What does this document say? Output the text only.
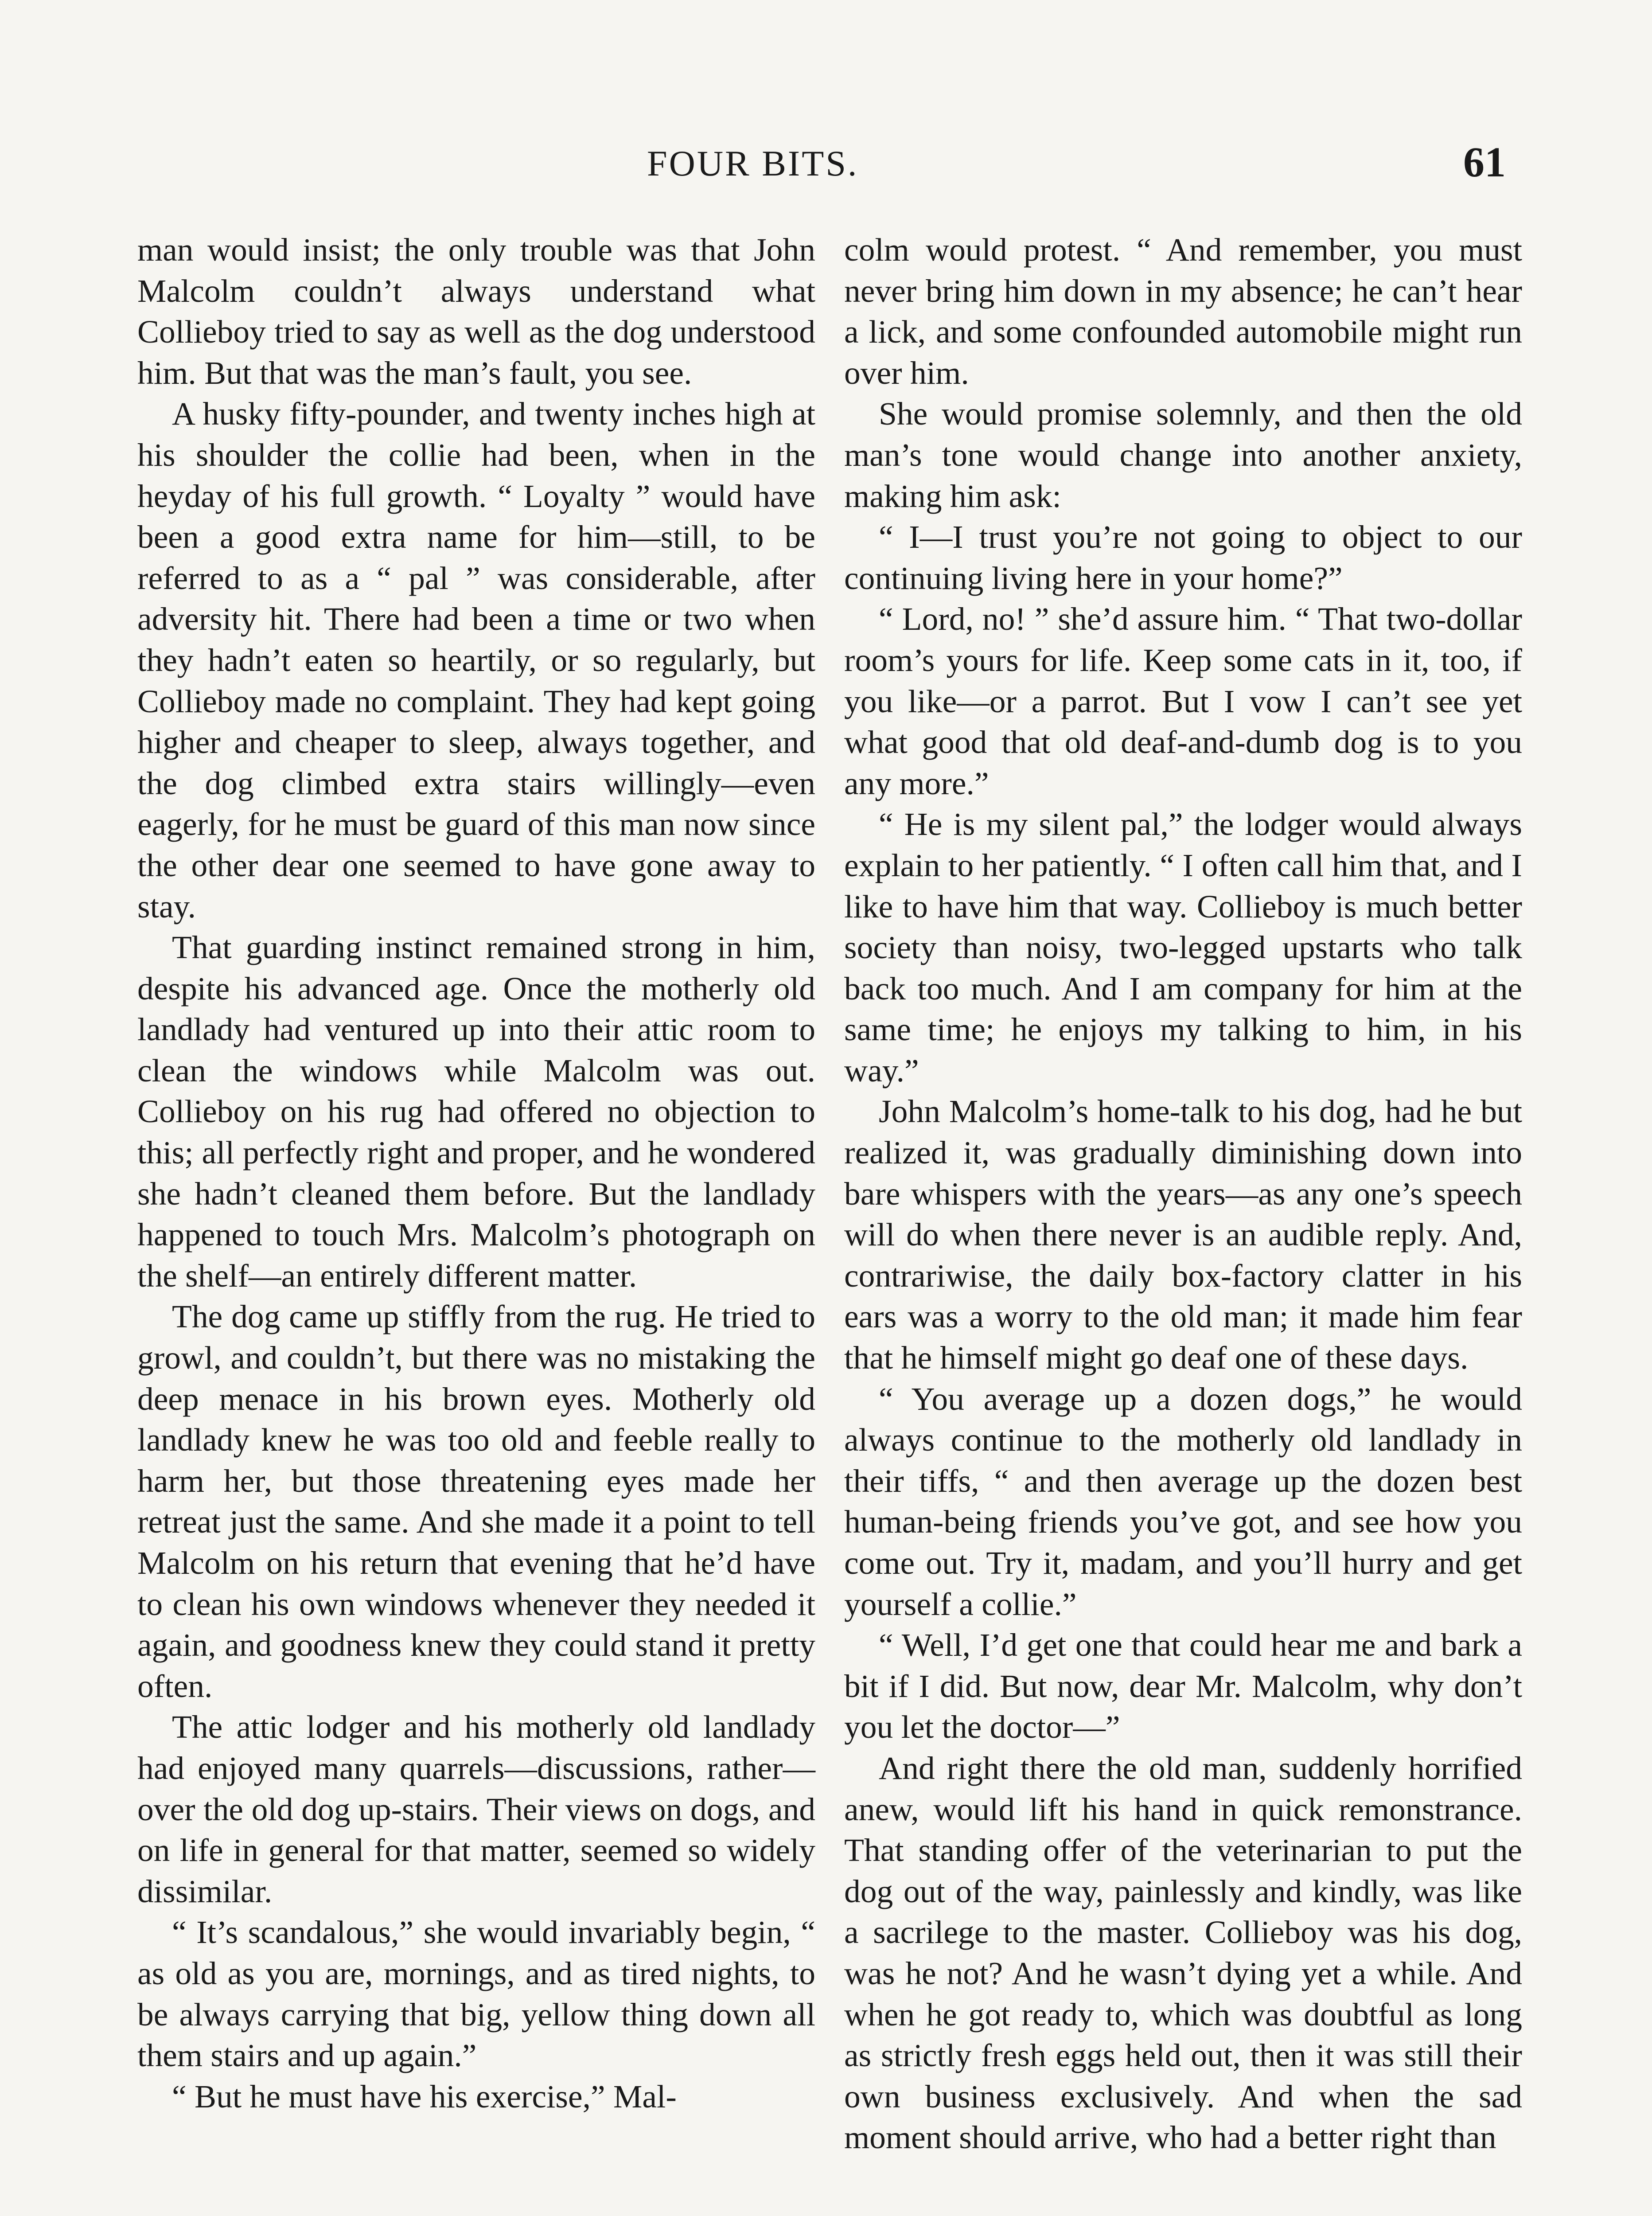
FOUR BITS.	61

man would insist; the only trouble was that John Malcolm couldn’t always understand what Collieboy tried to say as well as the dog understood him. But that was the man’s fault, you see.

A husky fifty-pounder, and twenty inches high at his shoulder the collie had been, when in the heyday of his full growth. “ Loyalty ” would have been a good extra name for him—still, to be referred to as a “ pal ” was considerable, after adversity hit. There had been a time or two when they hadn’t eaten so heartily, or so regularly, but Collieboy made no complaint. They had kept going higher and cheaper to sleep, always together, and the dog climbed extra stairs willingly—even eagerly, for he must be guard of this man now since the other dear one seemed to have gone away to stay.

That guarding instinct remained strong in him, despite his advanced age. Once the motherly old landlady had ventured up into their attic room to clean the windows while Malcolm was out. Collieboy on his rug had offered no objection to this; all perfectly right and proper, and he wondered she hadn’t cleaned them before. But the landlady happened to touch Mrs. Malcolm’s photograph on the shelf—an entirely different matter.

The dog came up stiffly from the rug. He tried to growl, and couldn’t, but there was no mistaking the deep menace in his brown eyes. Motherly old landlady knew he was too old and feeble really to harm her, but those threatening eyes made her retreat just the same. And she made it a point to tell Malcolm on his return that evening that he’d have to clean his own windows whenever they needed it again, and goodness knew they could stand it pretty often.

The attic lodger and his motherly old landlady had enjoyed many quarrels—discussions, rather—over the old dog up-stairs. Their views on dogs, and on life in general for that matter, seemed so widely dissimilar.

“ It’s scandalous,” she would invariably begin, “ as old as you are, mornings, and as tired nights, to be always carrying that big, yellow thing down all them stairs and up again.”

“ But he must have his exercise,” Mal-

colm would protest. “ And remember, you must never bring him down in my absence; he can’t hear a lick, and some confounded automobile might run over him.

She would promise solemnly, and then the old man’s tone would change into another anxiety, making him ask:

“ I—I trust you’re not going to object to our continuing living here in your home?”

“ Lord, no! ” she’d assure him. “ That two-dollar room’s yours for life. Keep some cats in it, too, if you like—or a parrot. But I vow I can’t see yet what good that old deaf-and-dumb dog is to you any more.”

“ He is my silent pal,” the lodger would always explain to her patiently. “ I often call him that, and I like to have him that way. Collieboy is much better society than noisy, two-legged upstarts who talk back too much. And I am company for him at the same time; he enjoys my talking to him, in his way.”

John Malcolm’s home-talk to his dog, had he but realized it, was gradually diminishing down into bare whispers with the years—as any one’s speech will do when there never is an audible reply. And, contrariwise, the daily box-factory clatter in his ears was a worry to the old man; it made him fear that he himself might go deaf one of these days.

“ You average up a dozen dogs,” he would always continue to the motherly old landlady in their tiffs, “ and then average up the dozen best human-being friends you’ve got, and see how you come out. Try it, madam, and you’ll hurry and get yourself a collie.”

“ Well, I’d get one that could hear me and bark a bit if I did. But now, dear Mr. Malcolm, why don’t you let the doctor—”

And right there the old man, suddenly horrified anew, would lift his hand in quick remonstrance. That standing offer of the veterinarian to put the dog out of the way, painlessly and kindly, was like a sacrilege to the master. Collieboy was his dog, was he not? And he wasn’t dying yet a while. And when he got ready to, which was doubtful as long as strictly fresh eggs held out, then it was still their own business exclusively. And when the sad moment should arrive, who had a better right than
